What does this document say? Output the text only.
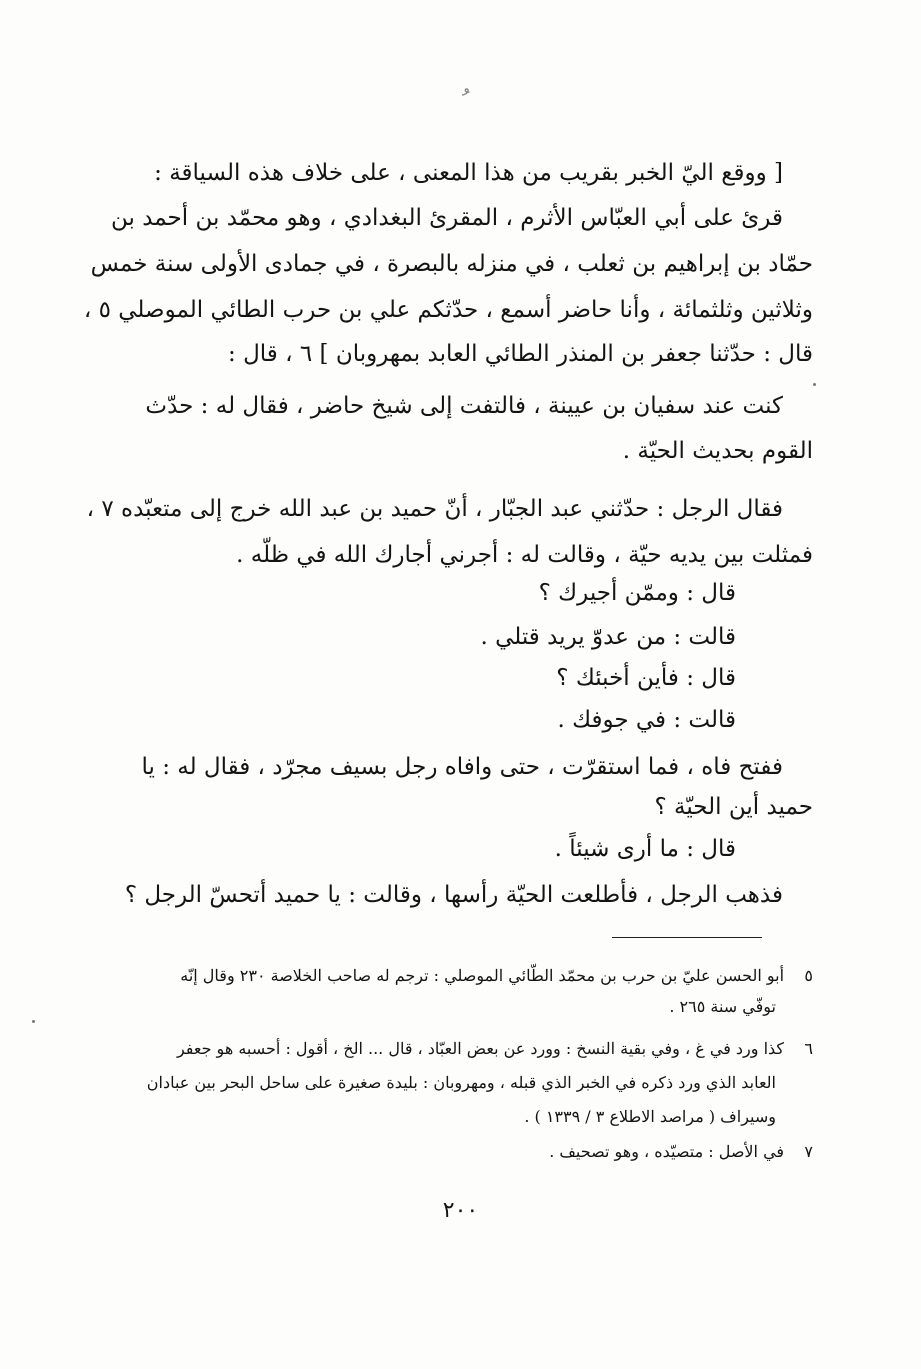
ﹸ
[ ووقع اليّ الخبر بقريب من هذا المعنى ، على خلاف هذه السياقة :
قرئ على أبي العبّاس الأثرم ، المقرئ البغدادي ، وهو محمّد بن أحمد بن
حمّاد بن إبراهيم بن ثعلب ، في منزله بالبصرة ، في جمادى الأولى سنة خمس
وثلاثين وثلثمائة ، وأنا حاضر أسمع ، حدّثكم علي بن حرب الطائي الموصلي ٥ ،
قال : حدّثنا جعفر بن المنذر الطائي العابد بمهروبان ] ٦ ، قال :
كنت عند سفيان بن عيينة ، فالتفت إلى شيخ حاضر ، فقال له : حدّث
القوم بحديث الحيّة .
فقال الرجل : حدّثني عبد الجبّار ، أنّ حميد بن عبد الله خرج إلى متعبّده ٧ ،
فمثلت بين يديه حيّة ، وقالت له : أجرني أجارك الله في ظلّه .
قال : وممّن أجيرك ؟
قالت : من عدوّ يريد قتلي .
قال : فأين أخبئك ؟
قالت : في جوفك .
ففتح فاه ، فما استقرّت ، حتى وافاه رجل بسيف مجرّد ، فقال له : يا
حميد أين الحيّة ؟
قال : ما أرى شيئاً .
فذهب الرجل ، فأطلعت الحيّة رأسها ، وقالت : يا حميد أتحسّ الرجل ؟
٥    أبو الحسن عليّ بن حرب بن محمّد الطّائي الموصلي : ترجم له صاحب الخلاصة ٢٣٠ وقال إنّه
توفّي سنة ٢٦٥ .
٦    كذا ورد في غ ، وفي بقية النسخ : وورد عن بعض العبّاد ، قال ... الخ ، أقول : أحسبه هو جعفر
العابد الذي ورد ذكره في الخبر الذي قبله ، ومهروبان : بليدة صغيرة على ساحل البحر بين عبادان
وسيراف ( مراصد الاطلاع ٣ / ١٣٣٩ ) .
٧    في الأصل : متصيّده ، وهو تصحيف .
٢٠٠
